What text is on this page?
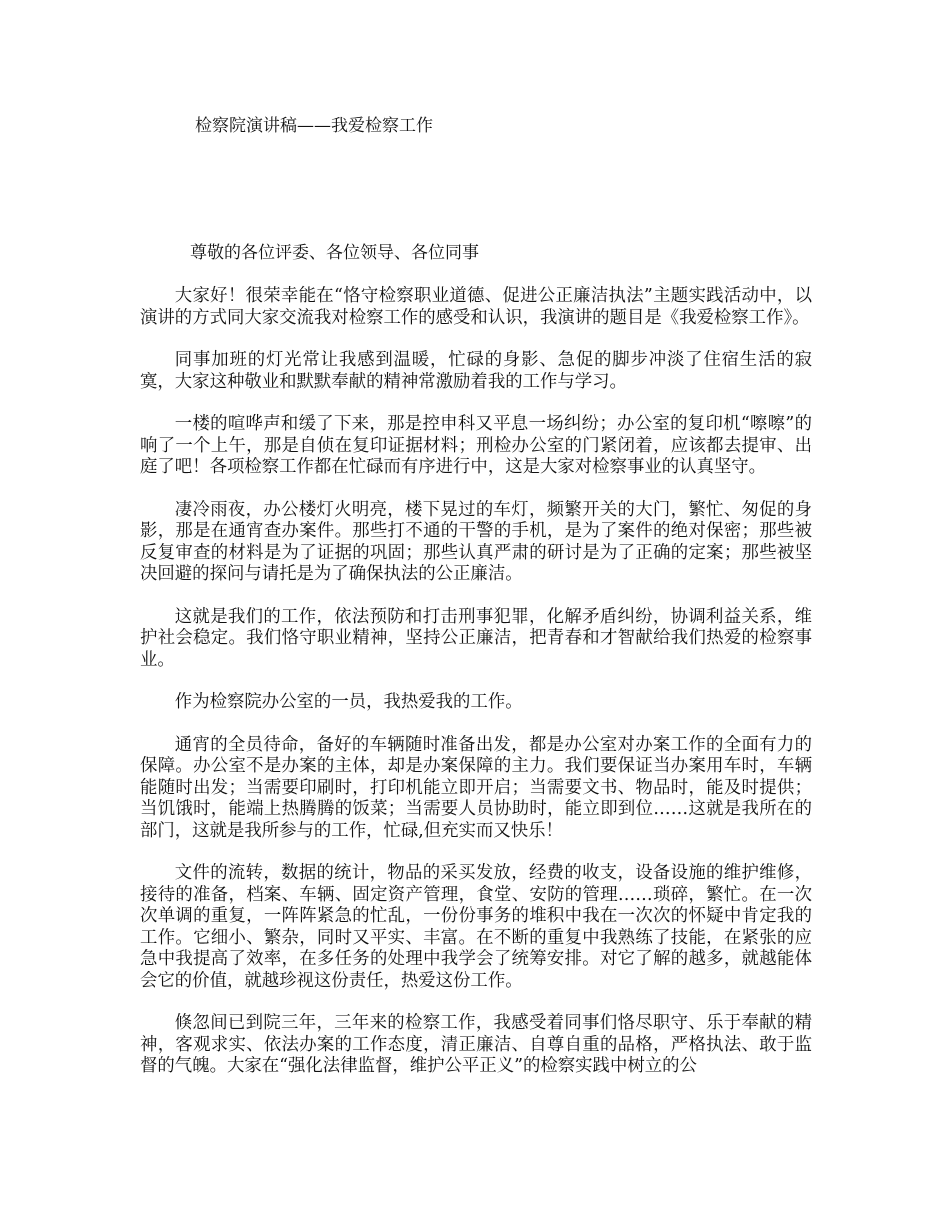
检察院演讲稿——我爱检察工作
尊敬的各位评委、各位领导、各位同事

大家好！很荣幸能在“恪守检察职业道德、促进公正廉洁执法”主题实践活动中，以演讲的方式同大家交流我对检察工作的感受和认识，我演讲的题目是《我爱检察工作》。

同事加班的灯光常让我感到温暖，忙碌的身影、急促的脚步冲淡了住宿生活的寂寞，大家这种敬业和默默奉献的精神常激励着我的工作与学习。

一楼的喧哗声和缓了下来，那是控申科又平息一场纠纷；办公室的复印机“嚓嚓”的响了一个上午，那是自侦在复印证据材料；刑检办公室的门紧闭着，应该都去提审、出庭了吧！各项检察工作都在忙碌而有序进行中，这是大家对检察事业的认真坚守。

凄冷雨夜，办公楼灯火明亮，楼下晃过的车灯，频繁开关的大门，繁忙、匆促的身影，那是在通宵查办案件。那些打不通的干警的手机，是为了案件的绝对保密；那些被反复审查的材料是为了证据的巩固；那些认真严肃的研讨是为了正确的定案；那些被坚决回避的探问与请托是为了确保执法的公正廉洁。

这就是我们的工作，依法预防和打击刑事犯罪，化解矛盾纠纷，协调利益关系，维护社会稳定。我们恪守职业精神，坚持公正廉洁，把青春和才智献给我们热爱的检察事业。

作为检察院办公室的一员，我热爱我的工作。

通宵的全员待命，备好的车辆随时准备出发，都是办公室对办案工作的全面有力的保障。办公室不是办案的主体，却是办案保障的主力。我们要保证当办案用车时，车辆能随时出发；当需要印刷时，打印机能立即开启；当需要文书、物品时，能及时提供；当饥饿时，能端上热腾腾的饭菜；当需要人员协助时，能立即到位……这就是我所在的部门，这就是我所参与的工作，忙碌,但充实而又快乐！

文件的流转，数据的统计，物品的采买发放，经费的收支，设备设施的维护维修，接待的准备，档案、车辆、固定资产管理，食堂、安防的管理……琐碎，繁忙。在一次次单调的重复，一阵阵紧急的忙乱，一份份事务的堆积中我在一次次的怀疑中肯定我的工作。它细小、繁杂，同时又平实、丰富。在不断的重复中我熟练了技能，在紧张的应急中我提高了效率，在多任务的处理中我学会了统筹安排。对它了解的越多，就越能体会它的价值，就越珍视这份责任，热爱这份工作。

倏忽间已到院三年，三年来的检察工作，我感受着同事们恪尽职守、乐于奉献的精神，客观求实、依法办案的工作态度，清正廉洁、自尊自重的品格，严格执法、敢于监督的气魄。大家在“强化法律监督，维护公平正义”的检察实践中树立的公
